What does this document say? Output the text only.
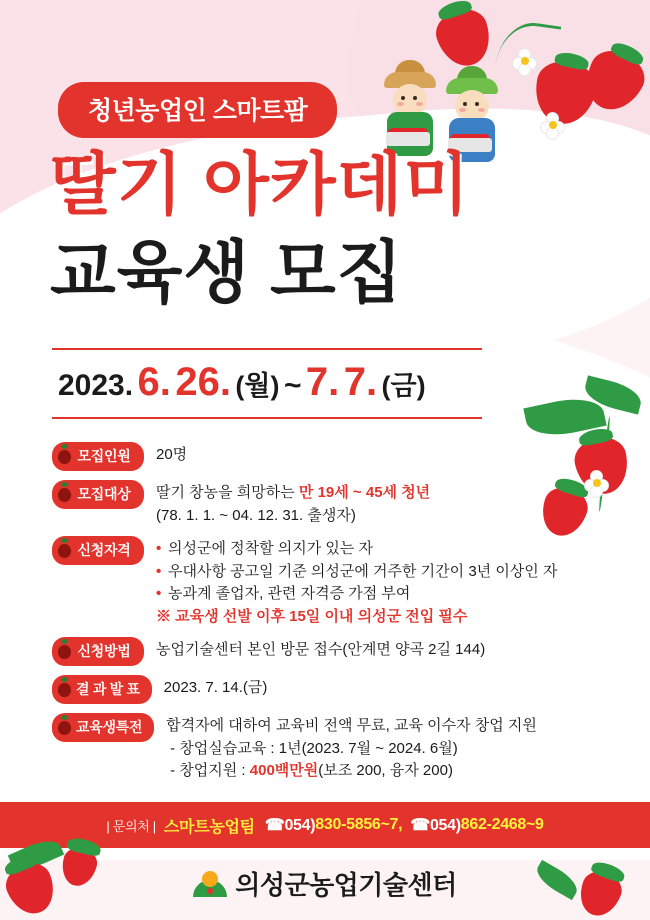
청년농업인 스마트팜
딸기 아카데미
교육생 모집
2023. 6. 26. (월) ~ 7. 7. (금)
모집인원	20명
모집대상	딸기 창농을 희망하는 만 19세 ~ 45세 청년
(78. 1. 1. ~ 04. 12. 31. 출생자)
신청자격	• 의성군에 정착할 의지가 있는 자
• 우대사항 공고일 기준 의성군에 거주한 기간이 3년 이상인 자
• 농과계 졸업자, 관련 자격증 가점 부여
※ 교육생 선발 이후 15일 이내 의성군 전입 필수
신청방법	농업기술센터 본인 방문 접수(안계면 양곡 2길 144)
결 과 발 표	2023. 7. 14.(금)
교육생특전	합격자에 대하여 교육비 전액 무료, 교육 이수자 창업 지원
- 창업실습교육 : 1년(2023. 7월 ~ 2024. 6월)
- 창업지원 : 400백만원(보조 200, 융자 200)
| 문의처 | 스마트농업팀 ☎054) 830-5856~7, ☎054) 862-2468~9
의성군농업기술센터
